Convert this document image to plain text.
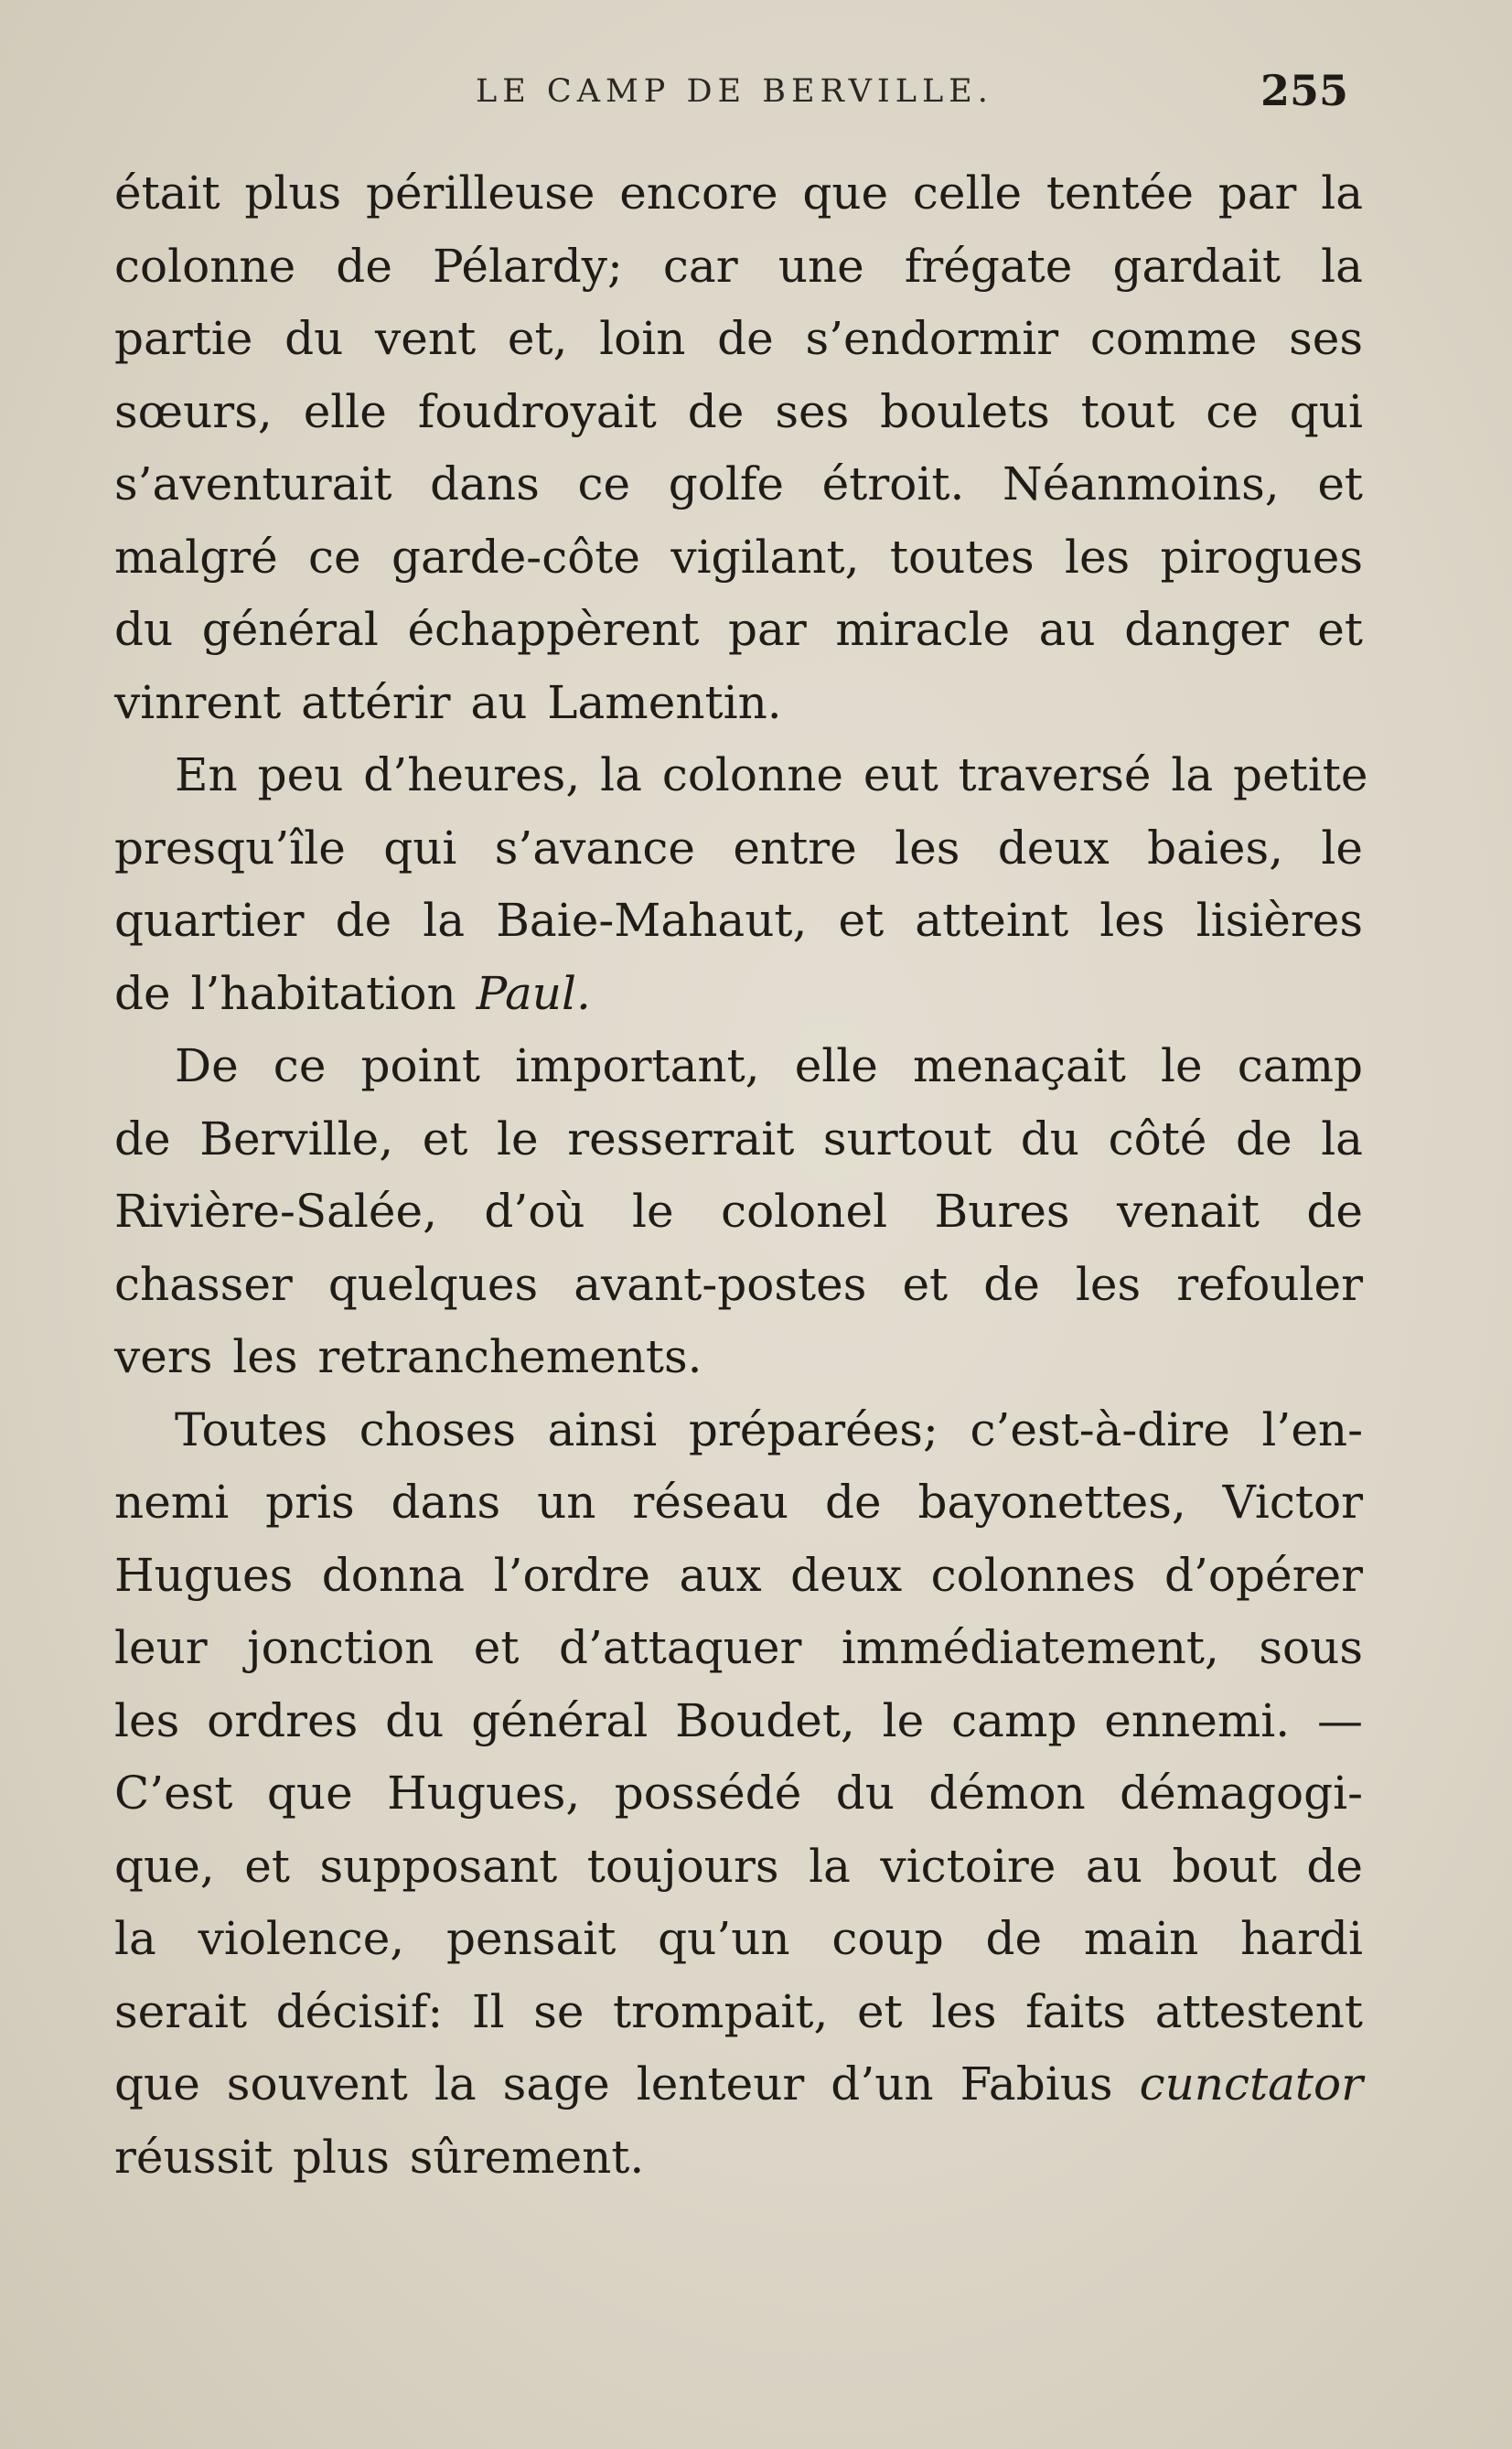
LE CAMP DE BERVILLE.	255

était plus périlleuse encore que celle tentée par la
colonne de Pélardy; car une frégate gardait la
partie du vent et, loin de s’endormir comme ses
sœurs, elle foudroyait de ses boulets tout ce qui
s’aventurait dans ce golfe étroit. Néanmoins, et
malgré ce garde-côte vigilant, toutes les pirogues
du général échappèrent par miracle au danger et
vinrent attérir au Lamentin.

En peu d’heures, la colonne eut traversé la petite
presqu’île qui s’avance entre les deux baies, le
quartier de la Baie-Mahaut, et atteint les lisières
de l’habitation Paul.

De ce point important, elle menaçait le camp
de Berville, et le resserrait surtout du côté de la
Rivière-Salée, d’où le colonel Bures venait de
chasser quelques avant-postes et de les refouler
vers les retranchements.

Toutes choses ainsi préparées; c’est-à-dire l’en-
nemi pris dans un réseau de bayonettes, Victor
Hugues donna l’ordre aux deux colonnes d’opérer
leur jonction et d’attaquer immédiatement, sous
les ordres du général Boudet, le camp ennemi. —
C’est que Hugues, possédé du démon démagogi-
que, et supposant toujours la victoire au bout de
la violence, pensait qu’un coup de main hardi
serait décisif: Il se trompait, et les faits attestent
que souvent la sage lenteur d’un Fabius cunctator
réussit plus sûrement.
